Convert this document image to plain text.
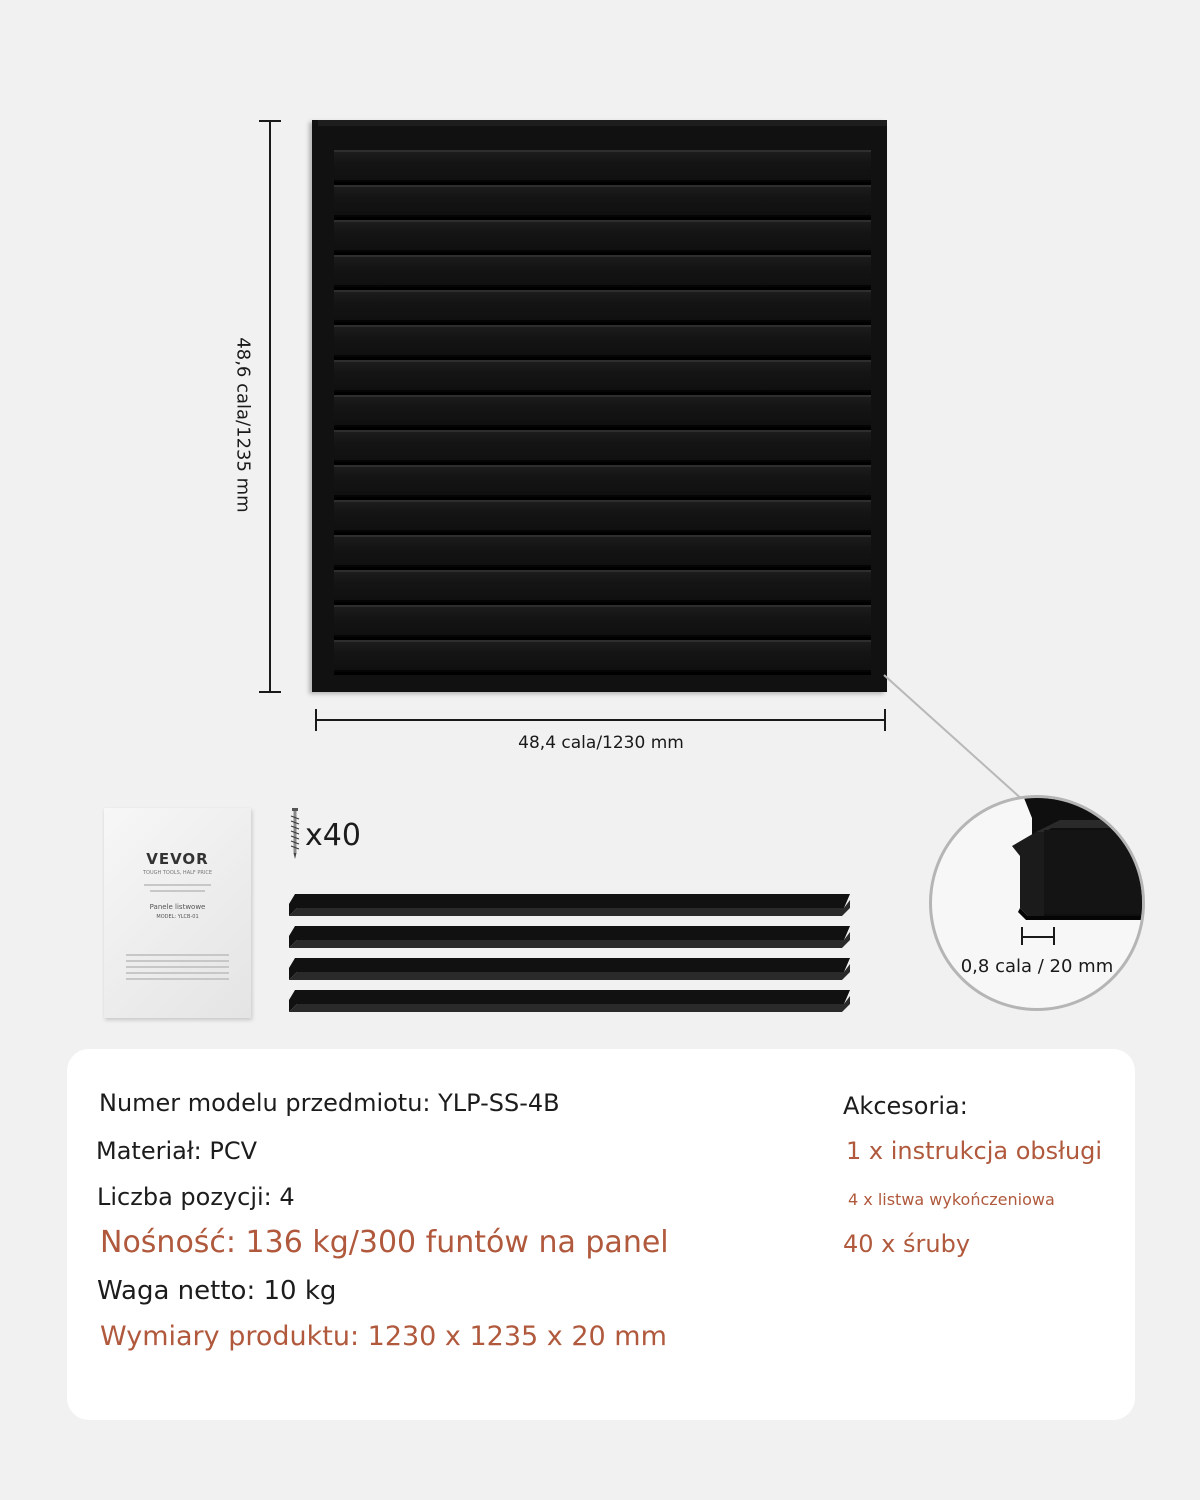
48,6 cala/1235 mm
48,4 cala/1230 mm
0,8 cala / 20 mm
VEVOR
TOUGH TOOLS, HALF PRICE
Panele listwowe
MODEL: YLCB-01
x40
Numer modelu przedmiotu: YLP-SS-4B
Materiał: PCV
Liczba pozycji: 4
Nośność: 136 kg/300 funtów na panel
Waga netto: 10 kg
Wymiary produktu: 1230 x 1235 x 20 mm
Akcesoria:
1 x instrukcja obsługi
4 x listwa wykończeniowa
40 x śruby
